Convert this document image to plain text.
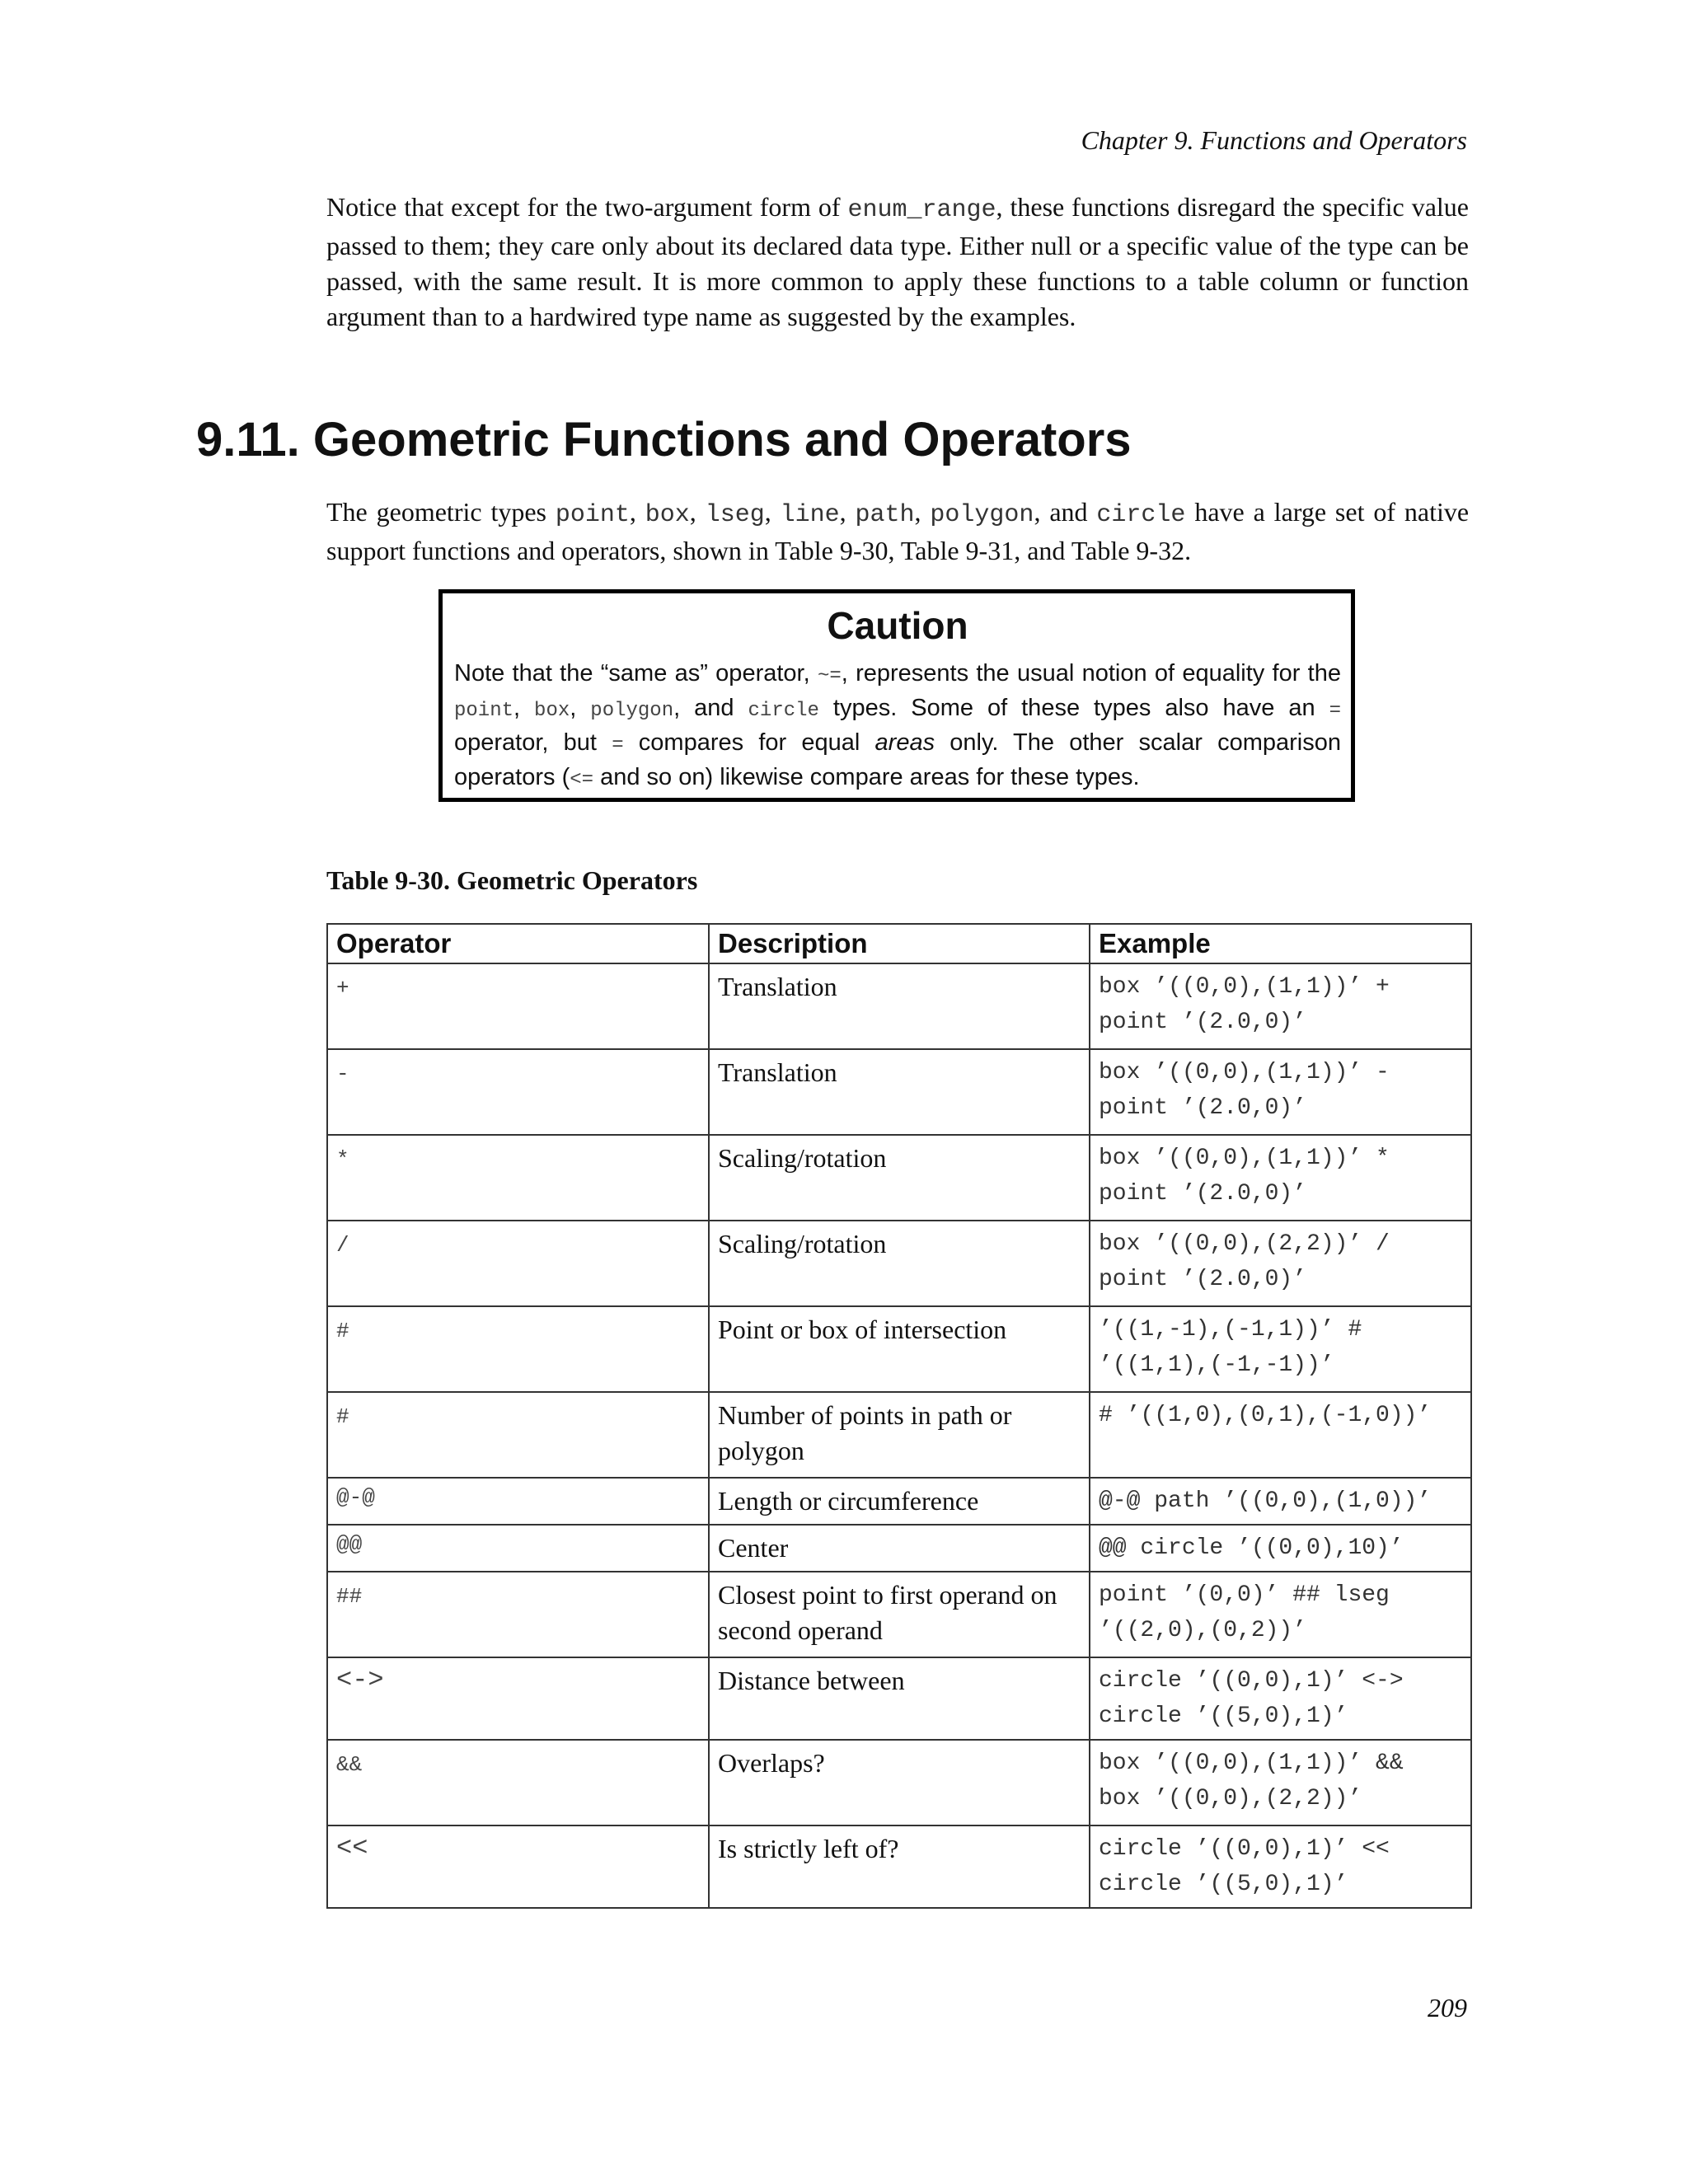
Chapter 9. Functions and Operators

Notice that except for the two-argument form of enum_range, these functions disregard the specific value passed to them; they care only about its declared data type. Either null or a specific value of the type can be passed, with the same result. It is more common to apply these functions to a table column or function argument than to a hardwired type name as suggested by the examples.

9.11. Geometric Functions and Operators

The geometric types point, box, lseg, line, path, polygon, and circle have a large set of native support functions and operators, shown in Table 9-30, Table 9-31, and Table 9-32.

Caution

Note that the “same as” operator, ~=, represents the usual notion of equality for the point, box, polygon, and circle types. Some of these types also have an = operator, but = compares for equal areas only. The other scalar comparison operators (<= and so on) likewise compare areas for these types.

Table 9-30. Geometric Operators
Operator	Description	Example
+	Translation	box ’((0,0),(1,1))’ +
point ’(2.0,0)’
-	Translation	box ’((0,0),(1,1))’ -
point ’(2.0,0)’
*	Scaling/rotation	box ’((0,0),(1,1))’ *
point ’(2.0,0)’
/	Scaling/rotation	box ’((0,0),(2,2))’ /
point ’(2.0,0)’
#	Point or box of intersection	’((1,-1),(-1,1))’ #
’((1,1),(-1,-1))’
#	Number of points in path or polygon	# ’((1,0),(0,1),(-1,0))’
@-@	Length or circumference	@-@ path ’((0,0),(1,0))’
@@	Center	@@ circle ’((0,0),10)’
##	Closest point to first operand on second operand	point ’(0,0)’ ## lseg
’((2,0),(0,2))’
<->	Distance between	circle ’((0,0),1)’ <->
circle ’((5,0),1)’
&&	Overlaps?	box ’((0,0),(1,1))’ &&
box ’((0,0),(2,2))’
<<	Is strictly left of?	circle ’((0,0),1)’ <<
circle ’((5,0),1)’
209
